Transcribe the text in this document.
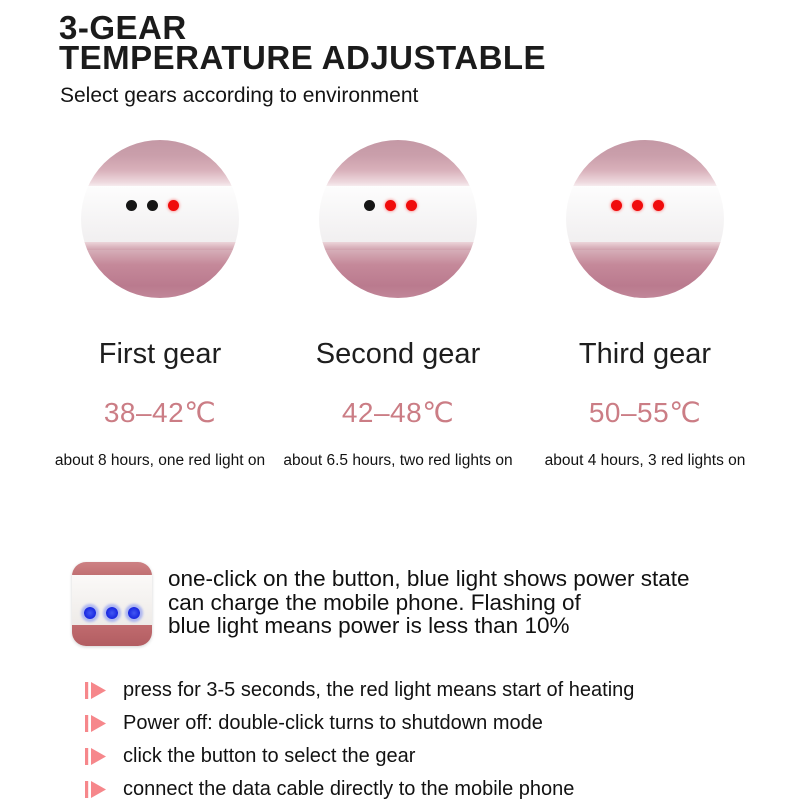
3-GEAR
TEMPERATURE ADJUSTABLE
Select gears according to environment
First gear
38–42℃
about 8 hours, one red light on
Second gear
42–48℃
about 6.5 hours, two red lights on
Third gear
50–55℃
about 4 hours, 3 red lights on
one-click on the button, blue light shows power state
can charge the mobile phone. Flashing of
blue light means power is less than 10%
press for 3-5 seconds, the red light means start of heating
Power off: double-click turns to shutdown mode
click the button to select the gear
connect the data cable directly to the mobile phone
